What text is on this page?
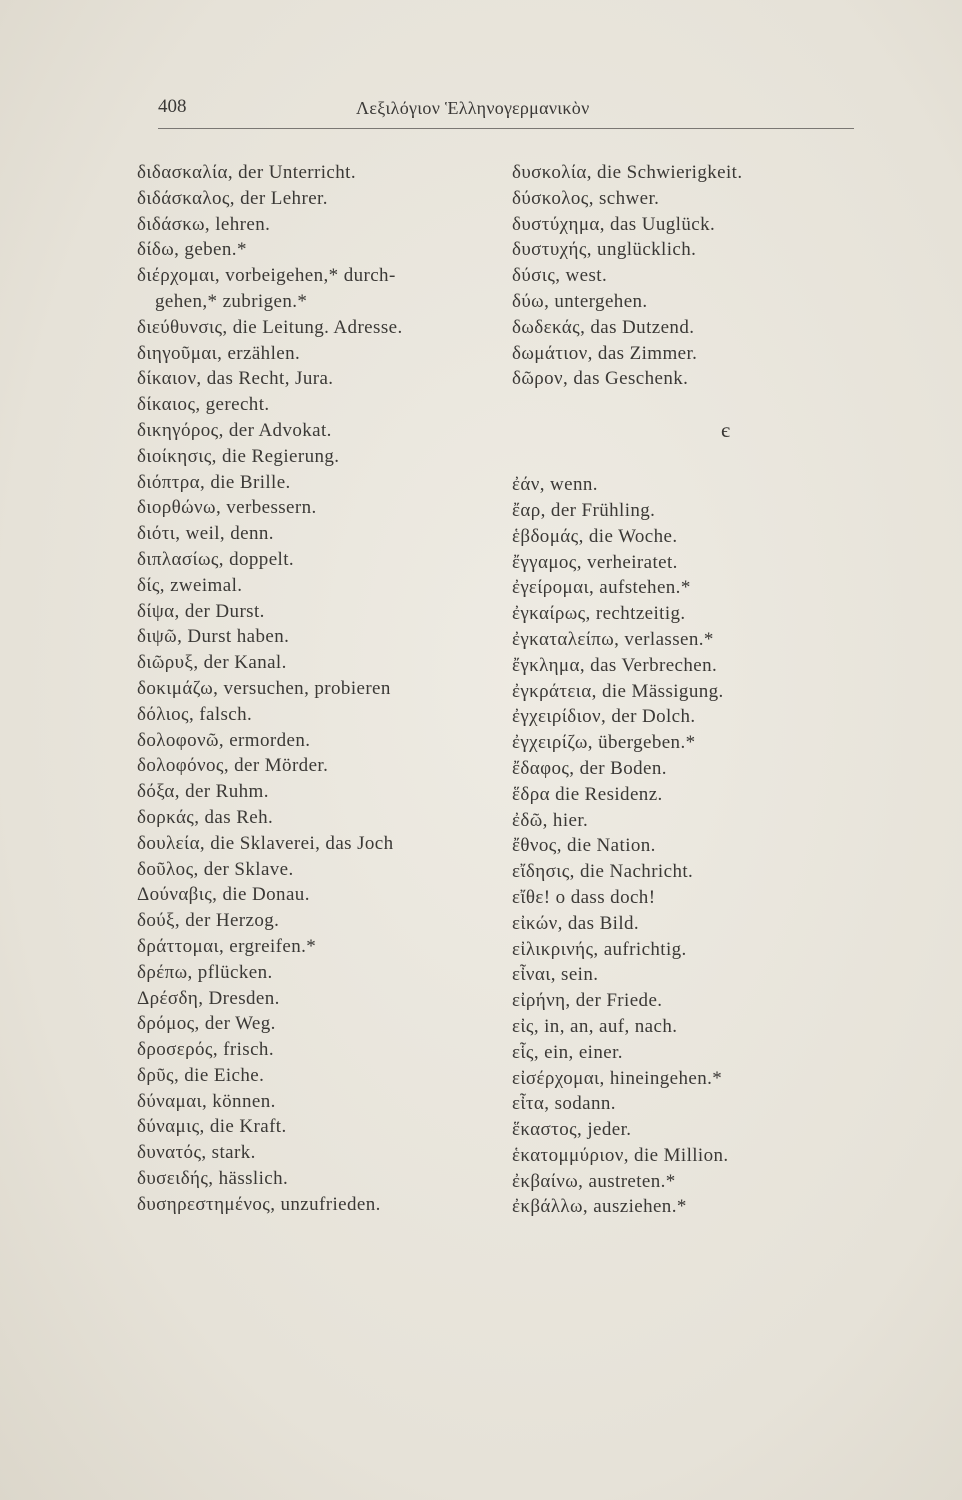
408	Λεξιλόγιον Ἑλληνογερμανικὸν
διδασκαλία, der Unterricht.
διδάσκαλος, der Lehrer.
διδάσκω, lehren.
δίδω, geben.*
διέρχομαι, vorbeigehen,* durch-
gehen,* zubrigen.*
διεύθυνσις, die Leitung. Adresse.
διηγοῦμαι, erzählen.
δίκαιον, das Recht, Jura.
δίκαιος, gerecht.
δικηγόρος, der Advokat.
διοίκησις, die Regierung.
διόπτρα, die Brille.
διορθώνω, verbessern.
διότι, weil, denn.
διπλασίως, doppelt.
δίς, zweimal.
δίψα, der Durst.
διψῶ, Durst haben.
διῶρυξ, der Kanal.
δοκιμάζω, versuchen, probieren
δόλιος, falsch.
δολοφονῶ, ermorden.
δολοφόνος, der Mörder.
δόξα, der Ruhm.
δορκάς, das Reh.
δουλεία, die Sklaverei, das Joch
δοῦλος, der Sklave.
Δούναβις, die Donau.
δούξ, der Herzog.
δράττομαι, ergreifen.*
δρέπω, pflücken.
Δρέσδη, Dresden.
δρόμος, der Weg.
δροσερός, frisch.
δρῦς, die Eiche.
δύναμαι, können.
δύναμις, die Kraft.
δυνατός, stark.
δυσειδής, hässlich.
δυσηρεστημένος, unzufrieden.
δυσκολία, die Schwierigkeit.
δύσκολος, schwer.
δυστύχημα, das Uuglück.
δυστυχής, unglücklich.
δύσις, west.
δύω, untergehen.
δωδεκάς, das Dutzend.
δωμάτιον, das Zimmer.
δῶρον, das Geschenk.
є
ἐάν, wenn.
ἔαρ, der Frühling.
ἑβδομάς, die Woche.
ἔγγαμος, verheiratet.
ἐγείρομαι, aufstehen.*
ἐγκαίρως, rechtzeitig.
ἐγκαταλείπω, verlassen.*
ἔγκλημα, das Verbrechen.
ἐγκράτεια, die Mässigung.
ἐγχειρίδιον, der Dolch.
ἐγχειρίζω, übergeben.*
ἔδαφος, der Boden.
ἕδρα die Residenz.
ἐδῶ, hier.
ἔθνος, die Nation.
εἴδησις, die Nachricht.
εἴθε! o dass doch!
εἰκών, das Bild.
εἰλικρινής, aufrichtig.
εἶναι, sein.
εἰρήνη, der Friede.
εἰς, in, an, auf, nach.
εἷς, ein, einer.
εἰσέρχομαι, hineingehen.*
εἶτα, sodann.
ἕκαστος, jeder.
ἑκατομμύριον, die Million.
ἐκβαίνω, austreten.*
ἐκβάλλω, ausziehen.*
